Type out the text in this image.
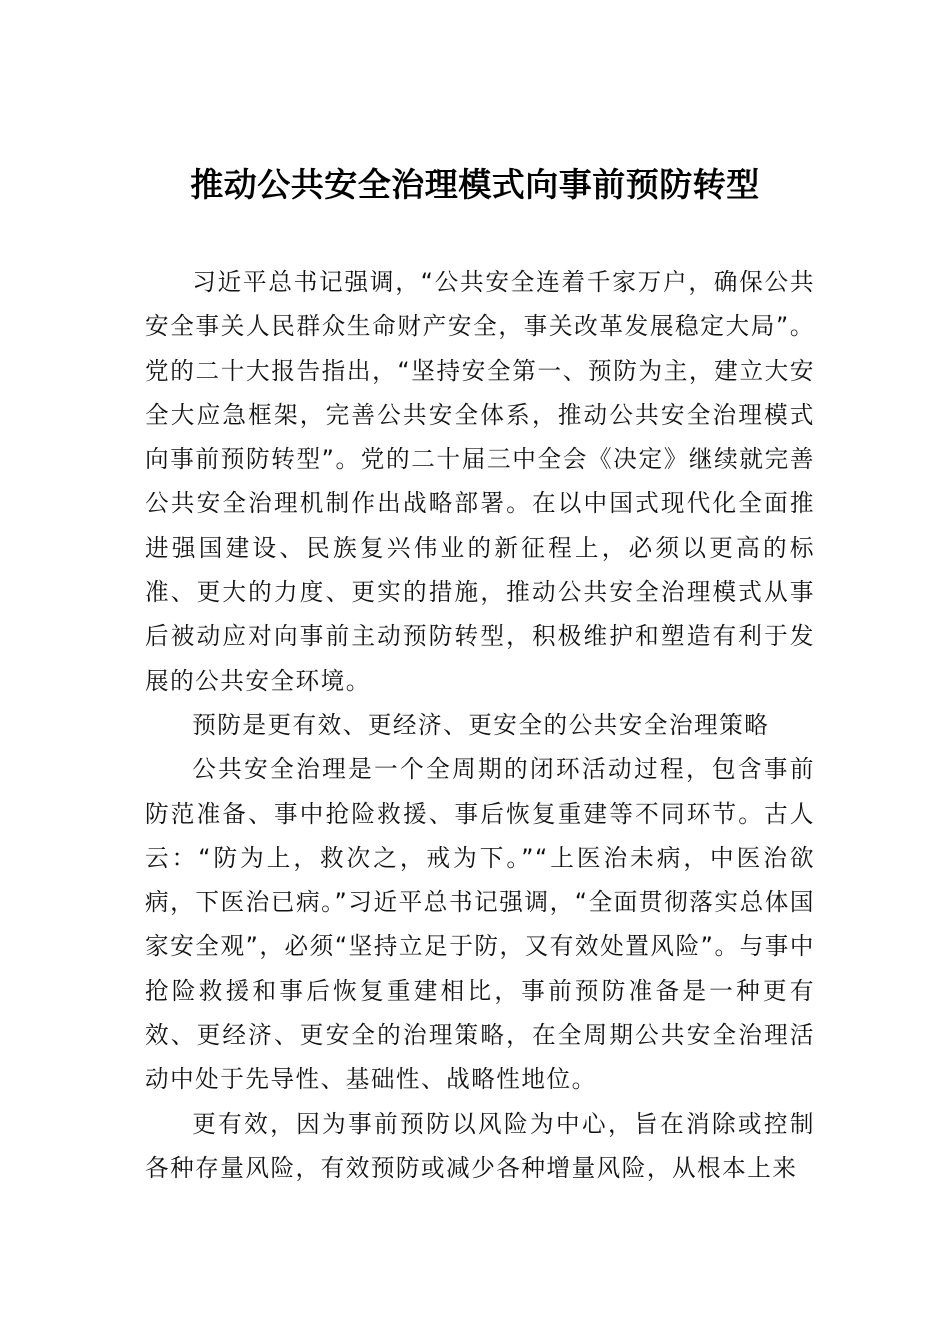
推动公共安全治理模式向事前预防转型

习近平总书记强调，“公共安全连着千家万户，确保公共安全事关人民群众生命财产安全，事关改革发展稳定大局”。党的二十大报告指出，“坚持安全第一、预防为主，建立大安全大应急框架，完善公共安全体系，推动公共安全治理模式向事前预防转型”。党的二十届三中全会《决定》继续就完善公共安全治理机制作出战略部署。在以中国式现代化全面推进强国建设、民族复兴伟业的新征程上，必须以更高的标准、更大的力度、更实的措施，推动公共安全治理模式从事后被动应对向事前主动预防转型，积极维护和塑造有利于发展的公共安全环境。

预防是更有效、更经济、更安全的公共安全治理策略

公共安全治理是一个全周期的闭环活动过程，包含事前防范准备、事中抢险救援、事后恢复重建等不同环节。古人云：“防为上，救次之，戒为下。”“上医治未病，中医治欲病，下医治已病。”习近平总书记强调，“全面贯彻落实总体国家安全观”，必须“坚持立足于防，又有效处置风险”。与事中抢险救援和事后恢复重建相比，事前预防准备是一种更有效、更经济、更安全的治理策略，在全周期公共安全治理活动中处于先导性、基础性、战略性地位。

更有效，因为事前预防以风险为中心，旨在消除或控制各种存量风险，有效预防或减少各种增量风险，从根本上来
